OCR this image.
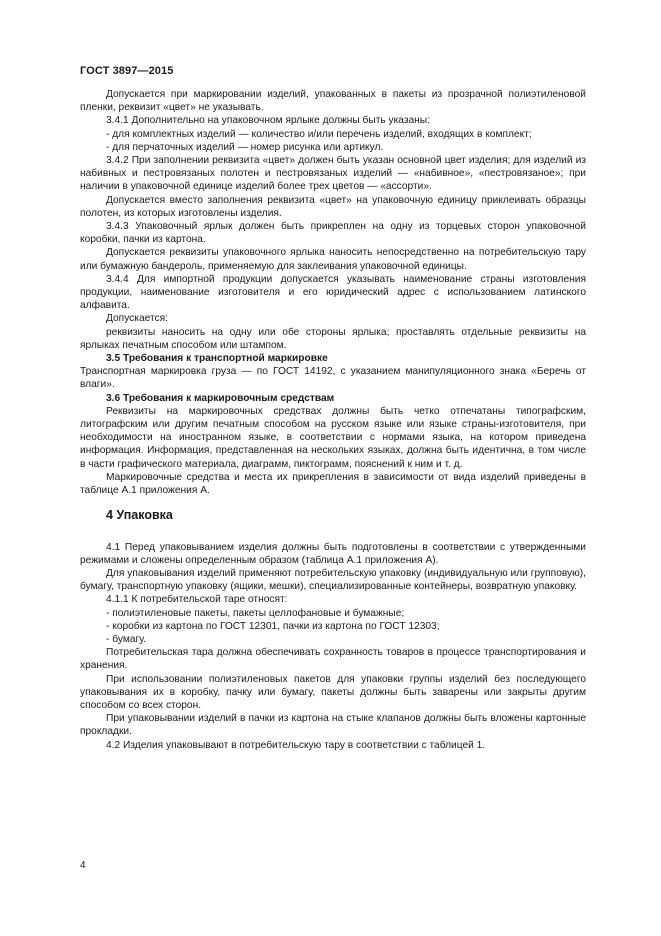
ГОСТ 3897—2015

Допускается при маркировании изделий, упакованных в пакеты из прозрачной полиэтиленовой пленки, реквизит «цвет» не указывать.

3.4.1 Дополнительно на упаковочном ярлыке должны быть указаны:

- для комплектных изделий — количество и/или перечень изделий, входящих в комплект;

- для перчаточных изделий — номер рисунка или артикул.

3.4.2 При заполнении реквизита «цвет» должен быть указан основной цвет изделия; для изделий из набивных и пестровязаных полотен и пестровязаных изделий — «набивное», «пестровязаное»; при наличии в упаковочной единице изделий более трех цветов — «ассорти».

Допускается вместо заполнения реквизита «цвет» на упаковочную единицу приклеивать образцы полотен, из которых изготовлены изделия.

3.4.3 Упаковочный ярлык должен быть прикреплен на одну из торцевых сторон упаковочной коробки, пачки из картона.

Допускается реквизиты упаковочного ярлыка наносить непосредственно на потребительскую тару или бумажную бандероль, применяемую для заклеивания упаковочной единицы.

3.4.4 Для импортной продукции допускается указывать наименование страны изготовления продукции, наименование изготовителя и его юридический адрес с использованием латинского алфавита.

Допускается:

реквизиты наносить на одну или обе стороны ярлыка; проставлять отдельные реквизиты на ярлыках печатным способом или штампом.

3.5 Требования к транспортной маркировке

Транспортная маркировка груза — по ГОСТ 14192, с указанием манипуляционного знака «Беречь от влаги».

3.6 Требования к маркировочным средствам

Реквизиты на маркировочных средствах должны быть четко отпечатаны типографским, литографским или другим печатным способом на русском языке или языке страны-изготовителя, при необходимости на иностранном языке, в соответствии с нормами языка, на котором приведена информация. Информация, представленная на нескольких языках, должна быть идентична, в том числе в части графического материала, диаграмм, пиктограмм, пояснений к ним и т. д.

Маркировочные средства и места их прикрепления в зависимости от вида изделий приведены в таблице А.1 приложения А.

4 Упаковка

4.1 Перед упаковыванием изделия должны быть подготовлены в соответствии с утвержденными режимами и сложены определенным образом (таблица А.1 приложения А).

Для упаковывания изделий применяют потребительскую упаковку (индивидуальную или групповую), бумагу, транспортную упаковку (ящики, мешки), специализированные контейнеры, возвратную упаковку.

4.1.1 К потребительской таре относят:

- полиэтиленовые пакеты, пакеты целлофановые и бумажные;

- коробки из картона по ГОСТ 12301, пачки из картона по ГОСТ 12303;

- бумагу.

Потребительская тара должна обеспечивать сохранность товаров в процессе транспортирования и хранения.

При использовании полиэтиленовых пакетов для упаковки группы изделий без последующего упаковывания их в коробку, пачку или бумагу, пакеты должны быть заварены или закрыты другим способом со всех сторон.

При упаковывании изделий в пачки из картона на стыке клапанов должны быть вложены картонные прокладки.

4.2 Изделия упаковывают в потребительскую тару в соответствии с таблицей 1.

4
